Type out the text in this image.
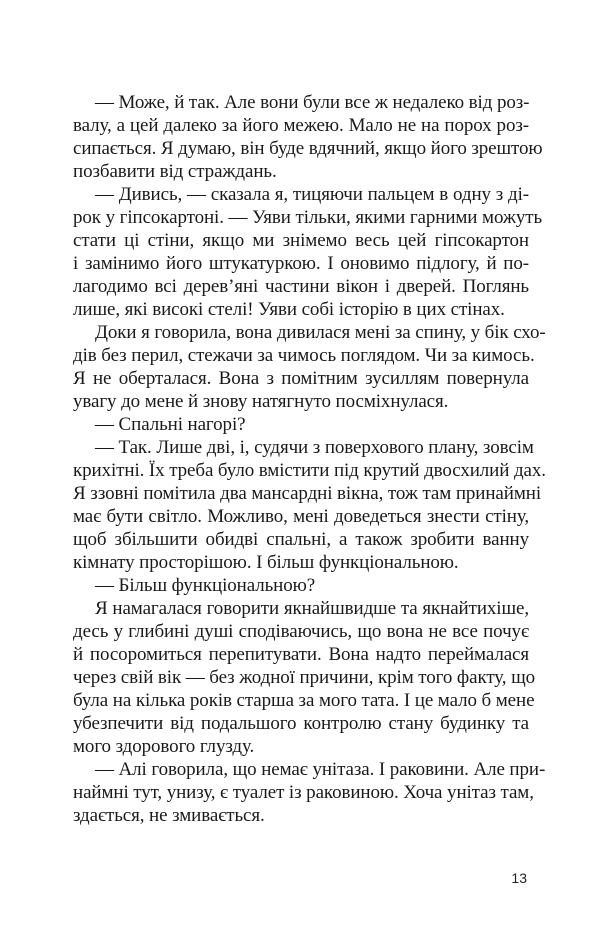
— Може, й так. Але вони були все ж недалеко від роз-
валу, а цей далеко за його межею. Мало не на порох роз-
сипається. Я думаю, він буде вдячний, якщо його зрештою
позбавити від страждань.
— Дивись, — сказала я, тицяючи пальцем в одну з ді-
рок у гіпсокартоні. — Уяви тільки, якими гарними можуть
стати ці стіни, якщо ми знімемо весь цей гіпсокартон
і замінимо його штукатуркою. І оновимо підлогу, й по-
лагодимо всі дерев’яні частини вікон і дверей. Поглянь
лише, які високі стелі! Уяви собі історію в цих стінах.
Доки я говорила, вона дивилася мені за спину, у бік схо-
дів без перил, стежачи за чимось поглядом. Чи за кимось.
Я не оберталася. Вона з помітним зусиллям повернула
увагу до мене й знову натягнуто посміхнулася.
— Спальні нагорі?
— Так. Лише дві, і, судячи з поверхового плану, зовсім
крихітні. Їх треба було вмістити під крутий двосхилий дах.
Я ззовні помітила два мансардні вікна, тож там принаймні
має бути світло. Можливо, мені доведеться знести стіну,
щоб збільшити обидві спальні, а також зробити ванну
кімнату просторішою. І більш функціональною.
— Більш функціональною?
Я намагалася говорити якнайшвидше та якнайтихіше,
десь у глибині душі сподіваючись, що вона не все почує
й посоромиться перепитувати. Вона надто переймалася
через свій вік — без жодної причини, крім того факту, що
була на кілька років старша за мого тата. І це мало б мене
убезпечити від подальшого контролю стану будинку та
мого здорового глузду.
— Алі говорила, що немає унітаза. І раковини. Але при-
наймні тут, унизу, є туалет із раковиною. Хоча унітаз там,
здається, не змивається.
13
